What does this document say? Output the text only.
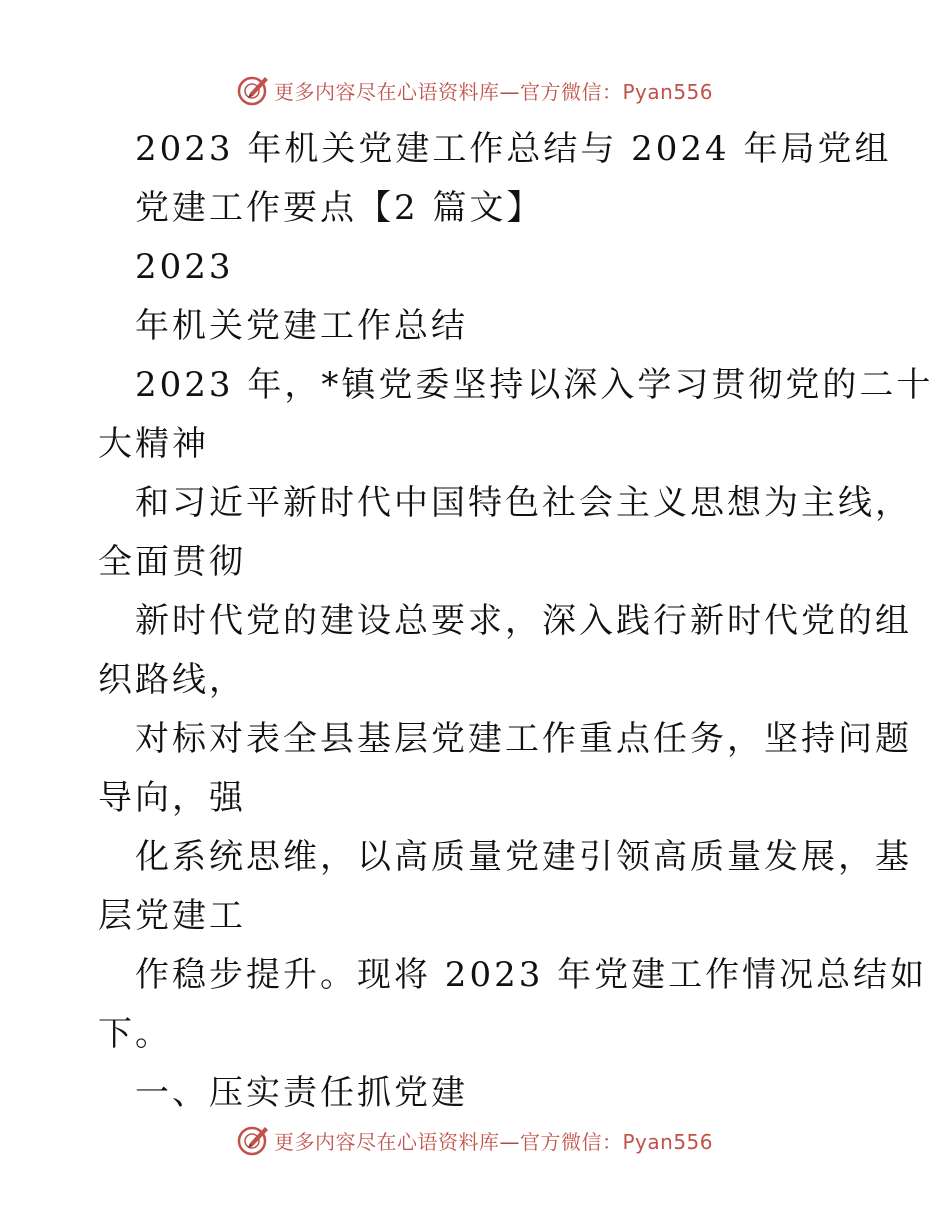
更多内容尽在心语资料库—官方微信：Pyan556
2023 年机关党建工作总结与 2024 年局党组
党建工作要点【2 篇文】
2023
年机关党建工作总结
2023 年，*镇党委坚持以深入学习贯彻党的二十
大精神
和习近平新时代中国特色社会主义思想为主线，
全面贯彻
新时代党的建设总要求，深入践行新时代党的组
织路线，
对标对表全县基层党建工作重点任务，坚持问题
导向，强
化系统思维，以高质量党建引领高质量发展，基
层党建工
作稳步提升。现将 2023 年党建工作情况总结如
下。
一、压实责任抓党建
更多内容尽在心语资料库—官方微信：Pyan556
